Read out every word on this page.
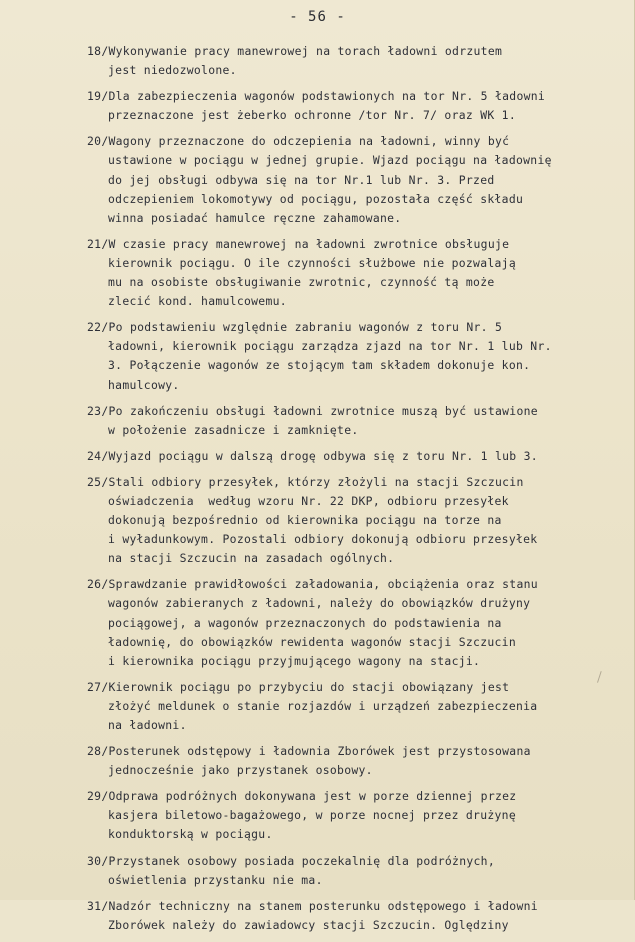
- 56 -
18/Wykonywanie pracy manewrowej na torach ładowni odrzutem
jest niedozwolone.
19/Dla zabezpieczenia wagonów podstawionych na tor Nr. 5 ładowni
przeznaczone jest żeberko ochronne /tor Nr. 7/ oraz WK 1.
20/Wagony przeznaczone do odczepienia na ładowni, winny być
ustawione w pociągu w jednej grupie. Wjazd pociągu na ładownię
do jej obsługi odbywa się na tor Nr.1 lub Nr. 3. Przed
odczepieniem lokomotywy od pociągu, pozostała część składu
winna posiadać hamulce ręczne zahamowane.
21/W czasie pracy manewrowej na ładowni zwrotnice obsługuje
kierownik pociągu. O ile czynności służbowe nie pozwalają
mu na osobiste obsługiwanie zwrotnic, czynność tą może
zlecić kond. hamulcowemu.
22/Po podstawieniu względnie zabraniu wagonów z toru Nr. 5
ładowni, kierownik pociągu zarządza zjazd na tor Nr. 1 lub Nr.
3. Połączenie wagonów ze stojącym tam składem dokonuje kon.
hamulcowy.
23/Po zakończeniu obsługi ładowni zwrotnice muszą być ustawione
w położenie zasadnicze i zamknięte.
24/Wyjazd pociągu w dalszą drogę odbywa się z toru Nr. 1 lub 3.
25/Stali odbiory przesyłek, którzy złożyli na stacji Szczucin
oświadczenia  według wzoru Nr. 22 DKP, odbioru przesyłek
dokonują bezpośrednio od kierownika pociągu na torze na
i wyładunkowym. Pozostali odbiory dokonują odbioru przesyłek
na stacji Szczucin na zasadach ogólnych.
26/Sprawdzanie prawidłowości załadowania, obciążenia oraz stanu
wagonów zabieranych z ładowni, należy do obowiązków drużyny
pociągowej, a wagonów przeznaczonych do podstawienia na
ładownię, do obowiązków rewidenta wagonów stacji Szczucin
i kierownika pociągu przyjmującego wagony na stacji.
27/Kierownik pociągu po przybyciu do stacji obowiązany jest
złożyć meldunek o stanie rozjazdów i urządzeń zabezpieczenia
na ładowni.
28/Posterunek odstępowy i ładownia Zborówek jest przystosowana
jednocześnie jako przystanek osobowy.
29/Odprawa podróżnych dokonywana jest w porze dziennej przez
kasjera biletowo-bagażowego, w porze nocnej przez drużynę
konduktorską w pociągu.
30/Przystanek osobowy posiada poczekalnię dla podróżnych,
oświetlenia przystanku nie ma.
31/Nadzór techniczny na stanem posterunku odstępowego i ładowni
Zborówek należy do zawiadowcy stacji Szczucin. Oględziny
